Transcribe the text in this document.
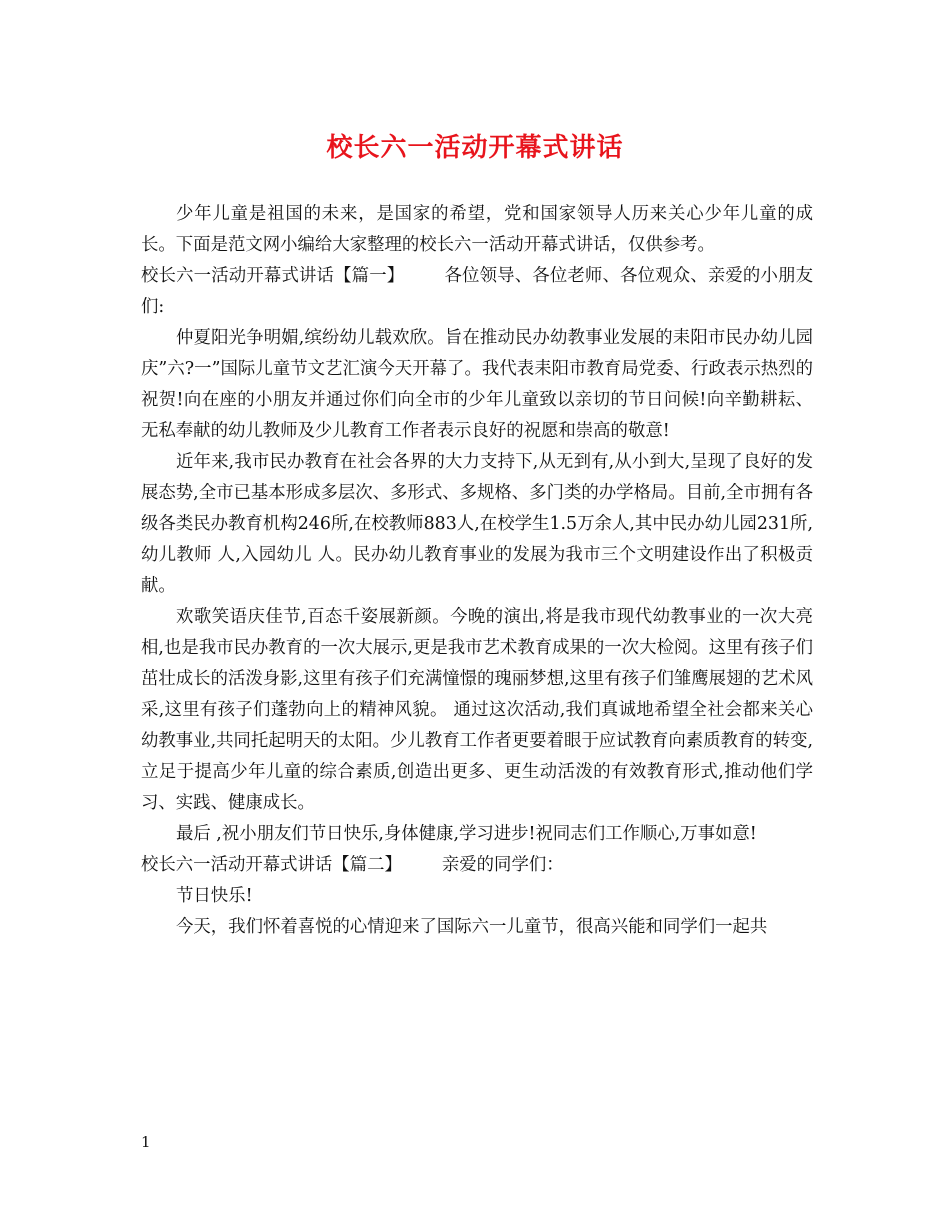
校长六一活动开幕式讲话

少年儿童是祖国的未来，是国家的希望，党和国家领导人历来关心少年儿童的成长。下面是范文网小编给大家整理的校长六一活动开幕式讲话，仅供参考。

校长六一活动开幕式讲话【篇一】 各位领导、各位老师、各位观众、亲爱的小朋友们:

仲夏阳光争明媚,缤纷幼儿载欢欣。旨在推动民办幼教事业发展的耒阳市民办幼儿园庆”六?一”国际儿童节文艺汇演今天开幕了。我代表耒阳市教育局党委、行政表示热烈的祝贺!向在座的小朋友并通过你们向全市的少年儿童致以亲切的节日问候!向辛勤耕耘、无私奉献的幼儿教师及少儿教育工作者表示良好的祝愿和崇高的敬意!

近年来,我市民办教育在社会各界的大力支持下,从无到有,从小到大,呈现了良好的发展态势,全市已基本形成多层次、多形式、多规格、多门类的办学格局。目前,全市拥有各级各类民办教育机构246所,在校教师883人,在校学生1.5万余人,其中民办幼儿园231所,幼儿教师 人,入园幼儿 人。民办幼儿教育事业的发展为我市三个文明建设作出了积极贡献。

欢歌笑语庆佳节,百态千姿展新颜。今晚的演出,将是我市现代幼教事业的一次大亮相,也是我市民办教育的一次大展示,更是我市艺术教育成果的一次大检阅。这里有孩子们茁壮成长的活泼身影,这里有孩子们充满憧憬的瑰丽梦想,这里有孩子们雏鹰展翅的艺术风采,这里有孩子们蓬勃向上的精神风貌。 通过这次活动,我们真诚地希望全社会都来关心幼教事业,共同托起明天的太阳。少儿教育工作者更要着眼于应试教育向素质教育的转变,立足于提高少年儿童的综合素质,创造出更多、更生动活泼的有效教育形式,推动他们学习、实践、健康成长。

最后 ,祝小朋友们节日快乐,身体健康,学习进步!祝同志们工作顺心,万事如意!

校长六一活动开幕式讲话【篇二】 亲爱的同学们：

节日快乐!

今天，我们怀着喜悦的心情迎来了国际六一儿童节，很高兴能和同学们一起共

1
